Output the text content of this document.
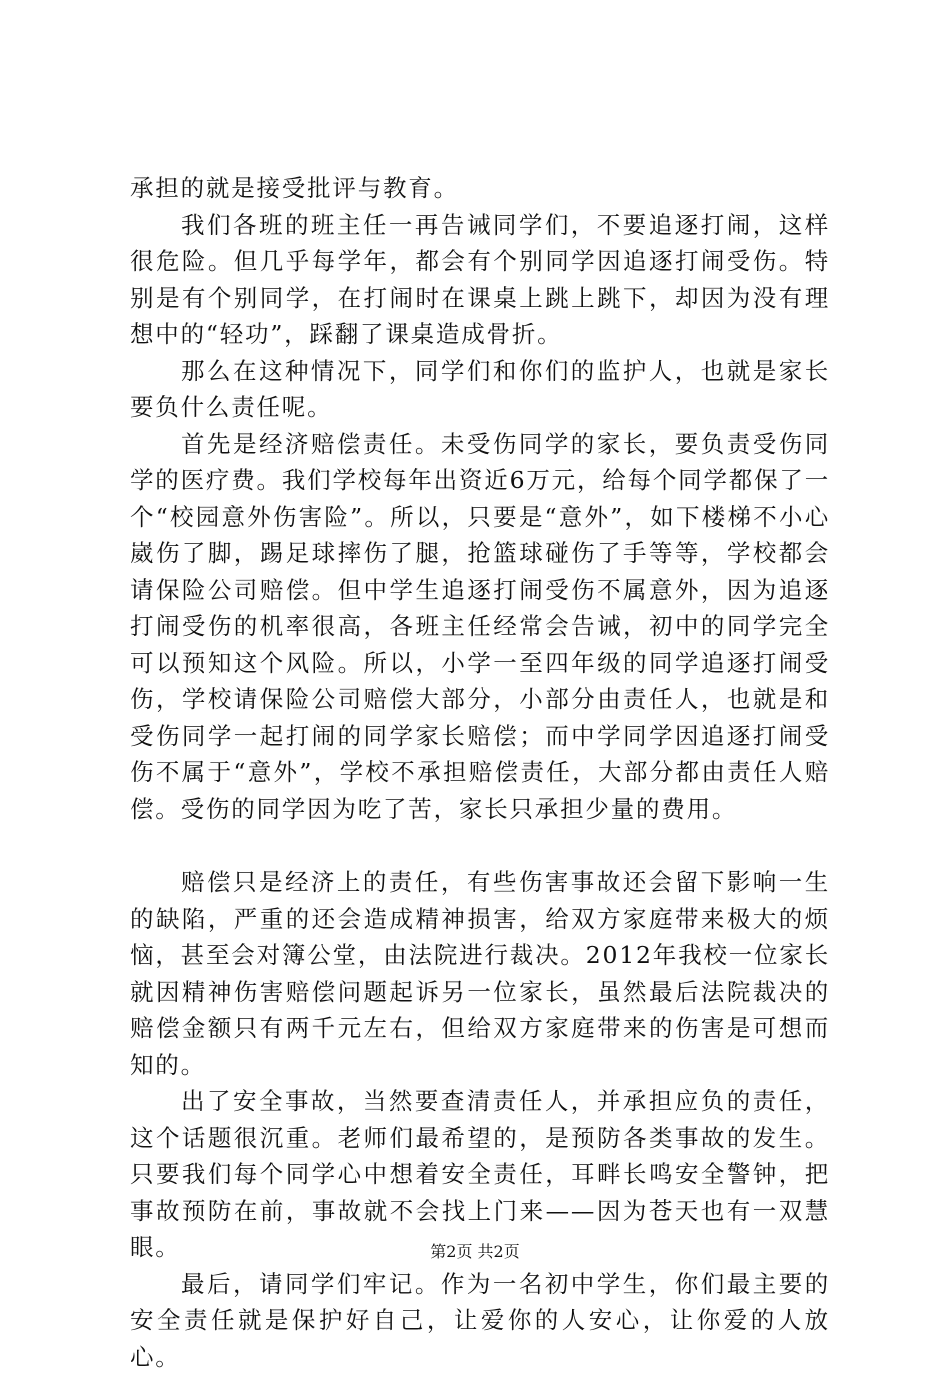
承担的就是接受批评与教育。

我们各班的班主任一再告诫同学们，不要追逐打闹，这样很危险。但几乎每学年，都会有个别同学因追逐打闹受伤。特别是有个别同学，在打闹时在课桌上跳上跳下，却因为没有理想中的“轻功”，踩翻了课桌造成骨折。

那么在这种情况下，同学们和你们的监护人，也就是家长要负什么责任呢。

首先是经济赔偿责任。未受伤同学的家长，要负责受伤同学的医疗费。我们学校每年出资近6万元，给每个同学都保了一个“校园意外伤害险”。所以，只要是“意外”，如下楼梯不小心崴伤了脚，踢足球摔伤了腿，抢篮球碰伤了手等等，学校都会请保险公司赔偿。但中学生追逐打闹受伤不属意外，因为追逐打闹受伤的机率很高，各班主任经常会告诫，初中的同学完全可以预知这个风险。所以，小学一至四年级的同学追逐打闹受伤，学校请保险公司赔偿大部分，小部分由责任人，也就是和受伤同学一起打闹的同学家长赔偿；而中学同学因追逐打闹受伤不属于“意外”，学校不承担赔偿责任，大部分都由责任人赔偿。受伤的同学因为吃了苦，家长只承担少量的费用。

赔偿只是经济上的责任，有些伤害事故还会留下影响一生的缺陷，严重的还会造成精神损害，给双方家庭带来极大的烦恼，甚至会对簿公堂，由法院进行裁决。2012年我校一位家长就因精神伤害赔偿问题起诉另一位家长，虽然最后法院裁决的赔偿金额只有两千元左右，但给双方家庭带来的伤害是可想而知的。

出了安全事故，当然要查清责任人，并承担应负的责任，这个话题很沉重。老师们最希望的，是预防各类事故的发生。只要我们每个同学心中想着安全责任，耳畔长鸣安全警钟，把事故预防在前，事故就不会找上门来——因为苍天也有一双慧眼。

最后，请同学们牢记。作为一名初中学生，你们最主要的安全责任就是保护好自己，让爱你的人安心，让你爱的人放心。

第2页 共2页
